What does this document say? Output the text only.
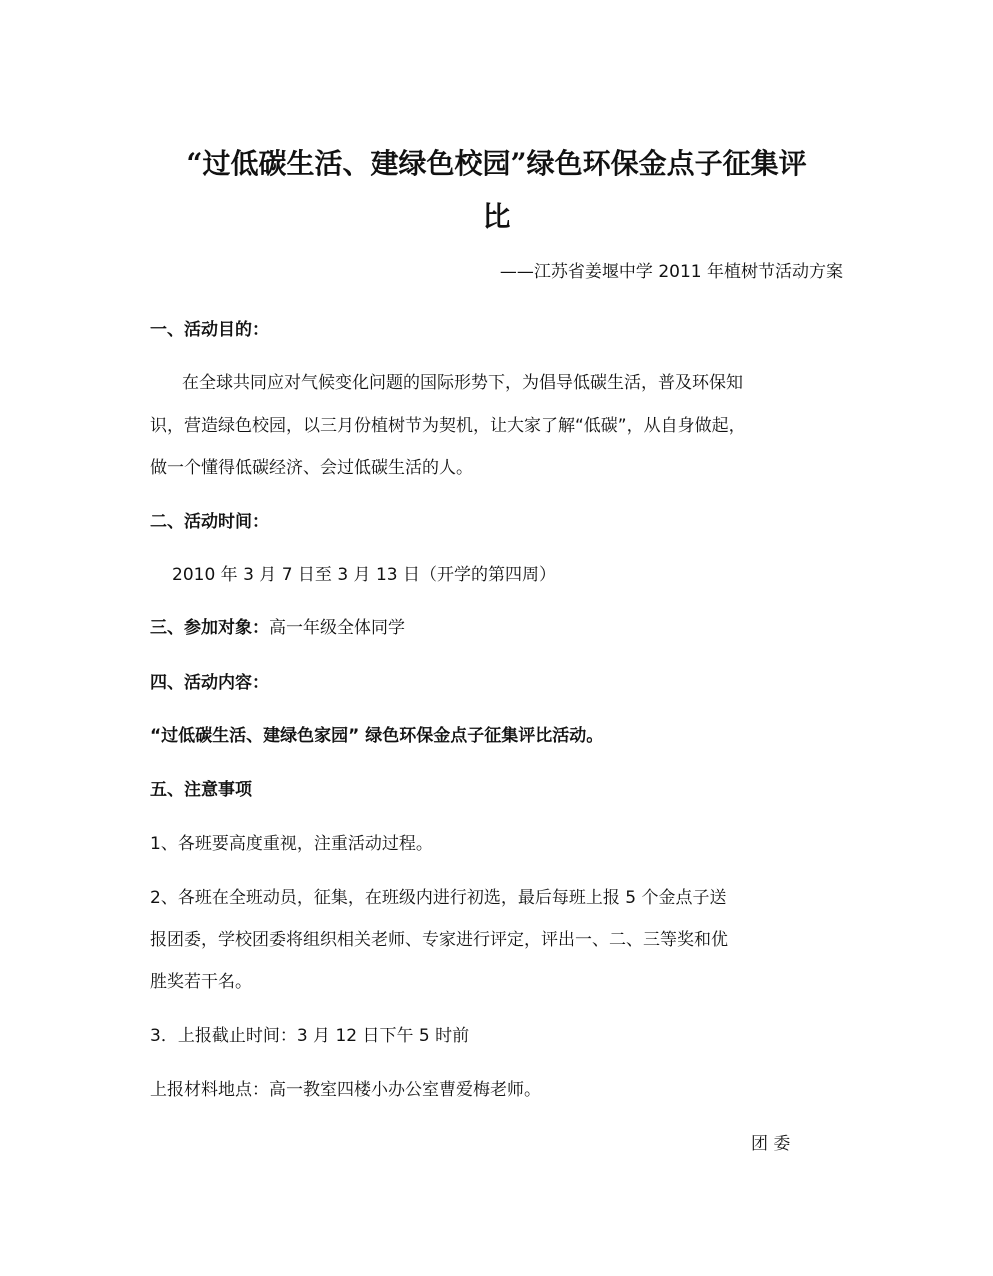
“过低碳生活、建绿色校园”绿色环保金点子征集评
比
——江苏省姜堰中学 2011 年植树节活动方案
一、活动目的：
在全球共同应对气候变化问题的国际形势下，为倡导低碳生活，普及环保知
识，营造绿色校园，以三月份植树节为契机，让大家了解“低碳”，从自身做起，
做一个懂得低碳经济、会过低碳生活的人。
二、活动时间：
2010 年 3 月 7 日至 3 月 13 日（开学的第四周）
三、参加对象：高一年级全体同学
四、活动内容：
“过低碳生活、建绿色家园” 绿色环保金点子征集评比活动。
五、注意事项
1、各班要高度重视，注重活动过程。
2、各班在全班动员，征集，在班级内进行初选，最后每班上报 5 个金点子送
报团委，学校团委将组织相关老师、专家进行评定，评出一、二、三等奖和优
胜奖若干名。
3．上报截止时间：3 月 12 日下午 5 时前
上报材料地点：高一教室四楼小办公室曹爱梅老师。
团 委
